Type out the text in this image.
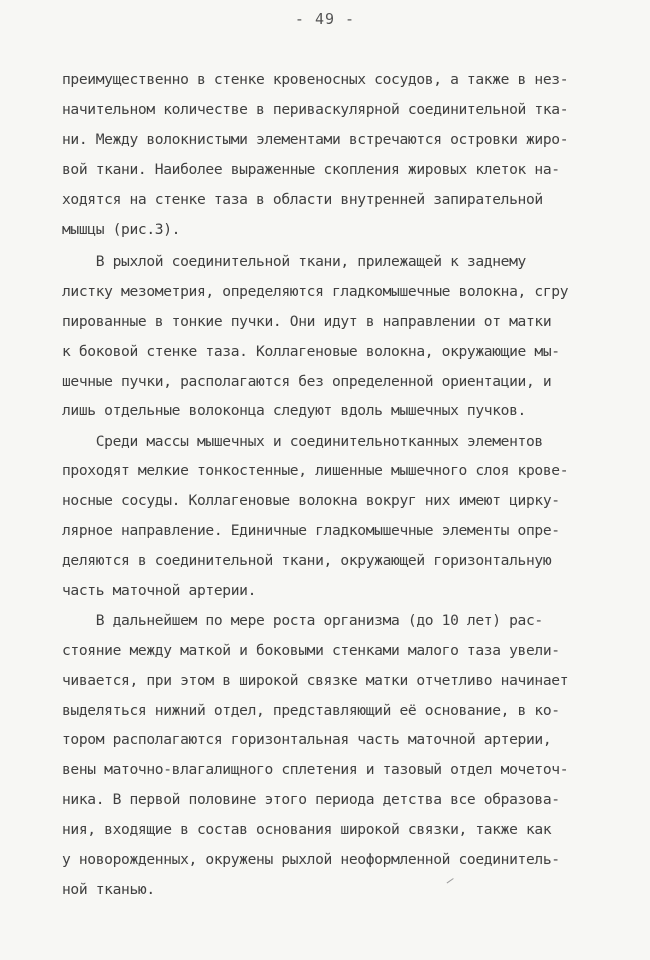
- 49 -
преимущественно в стенке кровеносных сосудов, а также в нез-
начительном количестве в периваскулярной соединительной тка-
ни. Между волокнистыми элементами встречаются островки жиро-
вой ткани. Наиболее выраженные скопления жировых клеток на-
ходятся на стенке таза в области внутренней запирательной
мышцы (рис.3).
В рыхлой соединительной ткани, прилежащей к заднему
листку мезометрия, определяются гладкомышечные волокна, сгру
пированные в тонкие пучки. Они идут в направлении от матки
к боковой стенке таза. Коллагеновые волокна, окружающие мы-
шечные пучки, располагаются без определенной ориентации, и
лишь отдельные волоконца следуют вдоль мышечных пучков.
Среди массы мышечных и соединительнотканных элементов
проходят мелкие тонкостенные, лишенные мышечного слоя крове-
носные сосуды. Коллагеновые волокна вокруг них имеют цирку-
лярное направление. Единичные гладкомышечные элементы опре-
деляются в соединительной ткани, окружающей горизонтальную
часть маточной артерии.
В дальнейшем по мере роста организма (до 10 лет) рас-
стояние между маткой и боковыми стенками малого таза увели-
чивается, при этом в широкой связке матки отчетливо начинает
выделяться нижний отдел, представляющий её основание, в ко-
тором располагаются горизонтальная часть маточной артерии,
вены маточно-влагалищного сплетения и тазовый отдел мочеточ-
ника. В первой половине этого периода детства все образова-
ния, входящие в состав основания широкой связки, также как
у новорожденных, окружены рыхлой неоформленной соединитель-
ной тканью.
